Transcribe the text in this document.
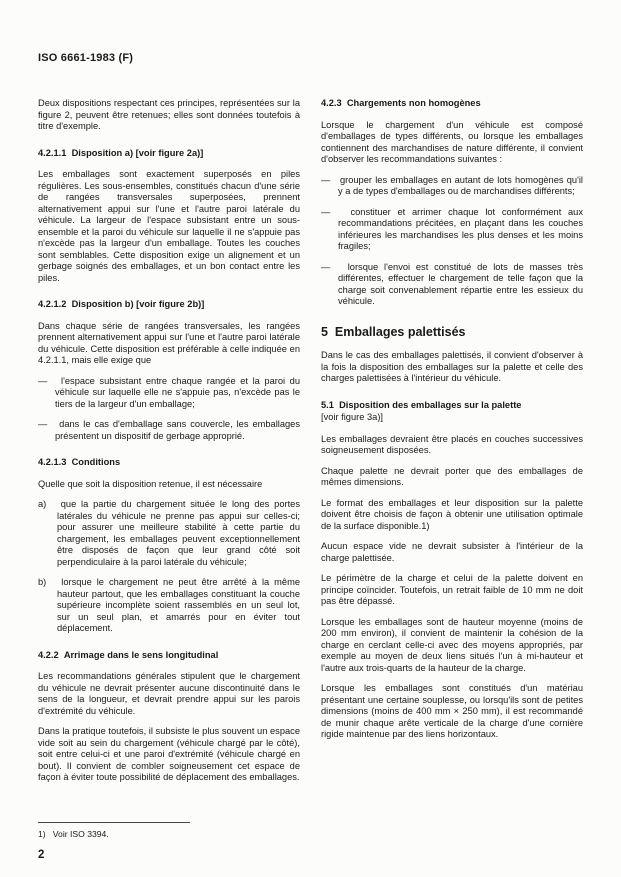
ISO 6661-1983 (F)

Deux dispositions respectant ces principes, représentées sur la figure 2, peuvent être retenues; elles sont données toutefois à titre d'exemple.

4.2.1.1  Disposition a) [voir figure 2a)]

Les emballages sont exactement superposés en piles régulières. Les sous-ensembles, constitués chacun d'une série de rangées transversales superposées, prennent alternativement appui sur l'une et l'autre paroi latérale du véhicule. La largeur de l'espace subsistant entre un sous-ensemble et la paroi du véhicule sur laquelle il ne s'appuie pas n'excède pas la largeur d'un emballage. Toutes les couches sont semblables. Cette disposition exige un alignement et un gerbage soignés des emballages, et un bon contact entre les piles.

4.2.1.2  Disposition b) [voir figure 2b)]

Dans chaque série de rangées transversales, les rangées prennent alternativement appui sur l'une et l'autre paroi latérale du véhicule. Cette disposition est préférable à celle indiquée en 4.2.1.1, mais elle exige que

—   l'espace subsistant entre chaque rangée et la paroi du véhicule sur laquelle elle ne s'appuie pas, n'excède pas le tiers de la largeur d'un emballage;

—   dans le cas d'emballage sans couvercle, les emballages présentent un dispositif de gerbage approprié.

4.2.1.3  Conditions

Quelle que soit la disposition retenue, il est nécessaire

a)   que la partie du chargement située le long des portes latérales du véhicule ne prenne pas appui sur celles-ci; pour assurer une meilleure stabilité à cette partie du chargement, les emballages peuvent exceptionnellement être disposés de façon que leur grand côté soit perpendiculaire à la paroi latérale du véhicule;

b)   lorsque le chargement ne peut être arrêté à la même hauteur partout, que les emballages constituant la couche supérieure incomplète soient rassemblés en un seul lot, sur un seul plan, et amarrés pour en éviter tout déplacement.

4.2.2  Arrimage dans le sens longitudinal

Les recommandations générales stipulent que le chargement du véhicule ne devrait présenter aucune discontinuité dans le sens de la longueur, et devrait prendre appui sur les parois d'extrémité du véhicule.

Dans la pratique toutefois, il subsiste le plus souvent un espace vide soit au sein du chargement (véhicule chargé par le côté), soit entre celui-ci et une paroi d'extrémité (véhicule chargé en bout). Il convient de combler soigneusement cet espace de façon à éviter toute possibilité de déplacement des emballages.

4.2.3  Chargements non homogènes

Lorsque le chargement d'un véhicule est composé d'emballages de types différents, ou lorsque les emballages contiennent des marchandises de nature différente, il convient d'observer les recommandations suivantes :

—   grouper les emballages en autant de lots homogènes qu'il y a de types d'emballages ou de marchandises différents;

—   constituer et arrimer chaque lot conformément aux recommandations précitées, en plaçant dans les couches inférieures les marchandises les plus denses et les moins fragiles;

—   lorsque l'envoi est constitué de lots de masses très différentes, effectuer le chargement de telle façon que la charge soit convenablement répartie entre les essieux du véhicule.

5  Emballages palettisés

Dans le cas des emballages palettisés, il convient d'observer à la fois la disposition des emballages sur la palette et celle des charges palettisées à l'intérieur du véhicule.

5.1  Disposition des emballages sur la palette

[voir figure 3a)]

Les emballages devraient être placés en couches successives soigneusement disposées.

Chaque palette ne devrait porter que des emballages de mêmes dimensions.

Le format des emballages et leur disposition sur la palette doivent être choisis de façon à obtenir une utilisation optimale de la surface disponible.1)

Aucun espace vide ne devrait subsister à l'intérieur de la charge palettisée.

Le périmètre de la charge et celui de la palette doivent en principe coïncider. Toutefois, un retrait faible de 10 mm ne doit pas être dépassé.

Lorsque les emballages sont de hauteur moyenne (moins de 200 mm environ), il convient de maintenir la cohésion de la charge en cerclant celle-ci avec des moyens appropriés, par exemple au moyen de deux liens situés l'un à mi-hauteur et l'autre aux trois-quarts de la hauteur de la charge.

Lorsque les emballages sont constitués d'un matériau présentant une certaine souplesse, ou lorsqu'ils sont de petites dimensions (moins de 400 mm × 250 mm), il est recommandé de munir chaque arête verticale de la charge d'une cornière rigide maintenue par des liens horizontaux.

1)   Voir ISO 3394.

2
